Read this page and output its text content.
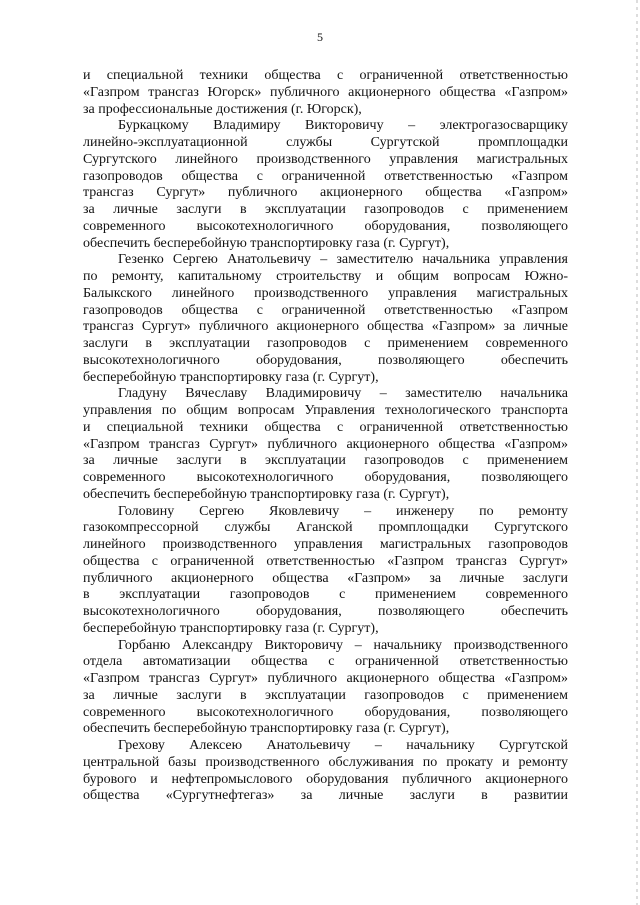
5
и специальной техники общества с ограниченной ответственностью
«Газпром трансгаз Югорск» публичного акционерного общества «Газпром»
за профессиональные достижения (г. Югорск),
Буркацкому Владимиру Викторовичу – электрогазосварщику
линейно-эксплуатационной службы Сургутской промплощадки
Сургутского линейного производственного управления магистральных
газопроводов общества с ограниченной ответственностью «Газпром
трансгаз Сургут» публичного акционерного общества «Газпром»
за личные заслуги в эксплуатации газопроводов с применением
современного высокотехнологичного оборудования, позволяющего
обеспечить бесперебойную транспортировку газа (г. Сургут),
Гезенко Сергею Анатольевичу – заместителю начальника управления
по ремонту, капитальному строительству и общим вопросам Южно-
Балыкского линейного производственного управления магистральных
газопроводов общества с ограниченной ответственностью «Газпром
трансгаз Сургут» публичного акционерного общества «Газпром» за личные
заслуги в эксплуатации газопроводов с применением современного
высокотехнологичного оборудования, позволяющего обеспечить
бесперебойную транспортировку газа (г. Сургут),
Гладуну Вячеславу Владимировичу – заместителю начальника
управления по общим вопросам Управления технологического транспорта
и специальной техники общества с ограниченной ответственностью
«Газпром трансгаз Сургут» публичного акционерного общества «Газпром»
за личные заслуги в эксплуатации газопроводов с применением
современного высокотехнологичного оборудования, позволяющего
обеспечить бесперебойную транспортировку газа (г. Сургут),
Головину Сергею Яковлевичу – инженеру по ремонту
газокомпрессорной службы Аганской промплощадки Сургутского
линейного производственного управления магистральных газопроводов
общества с ограниченной ответственностью «Газпром трансгаз Сургут»
публичного акционерного общества «Газпром» за личные заслуги
в эксплуатации газопроводов с применением современного
высокотехнологичного оборудования, позволяющего обеспечить
бесперебойную транспортировку газа (г. Сургут),
Горбаню Александру Викторовичу – начальнику производственного
отдела автоматизации общества с ограниченной ответственностью
«Газпром трансгаз Сургут» публичного акционерного общества «Газпром»
за личные заслуги в эксплуатации газопроводов с применением
современного высокотехнологичного оборудования, позволяющего
обеспечить бесперебойную транспортировку газа (г. Сургут),
Грехову Алексею Анатольевичу – начальнику Сургутской
центральной базы производственного обслуживания по прокату и ремонту
бурового и нефтепромыслового оборудования публичного акционерного
общества «Сургутнефтегаз» за личные заслуги в развитии
